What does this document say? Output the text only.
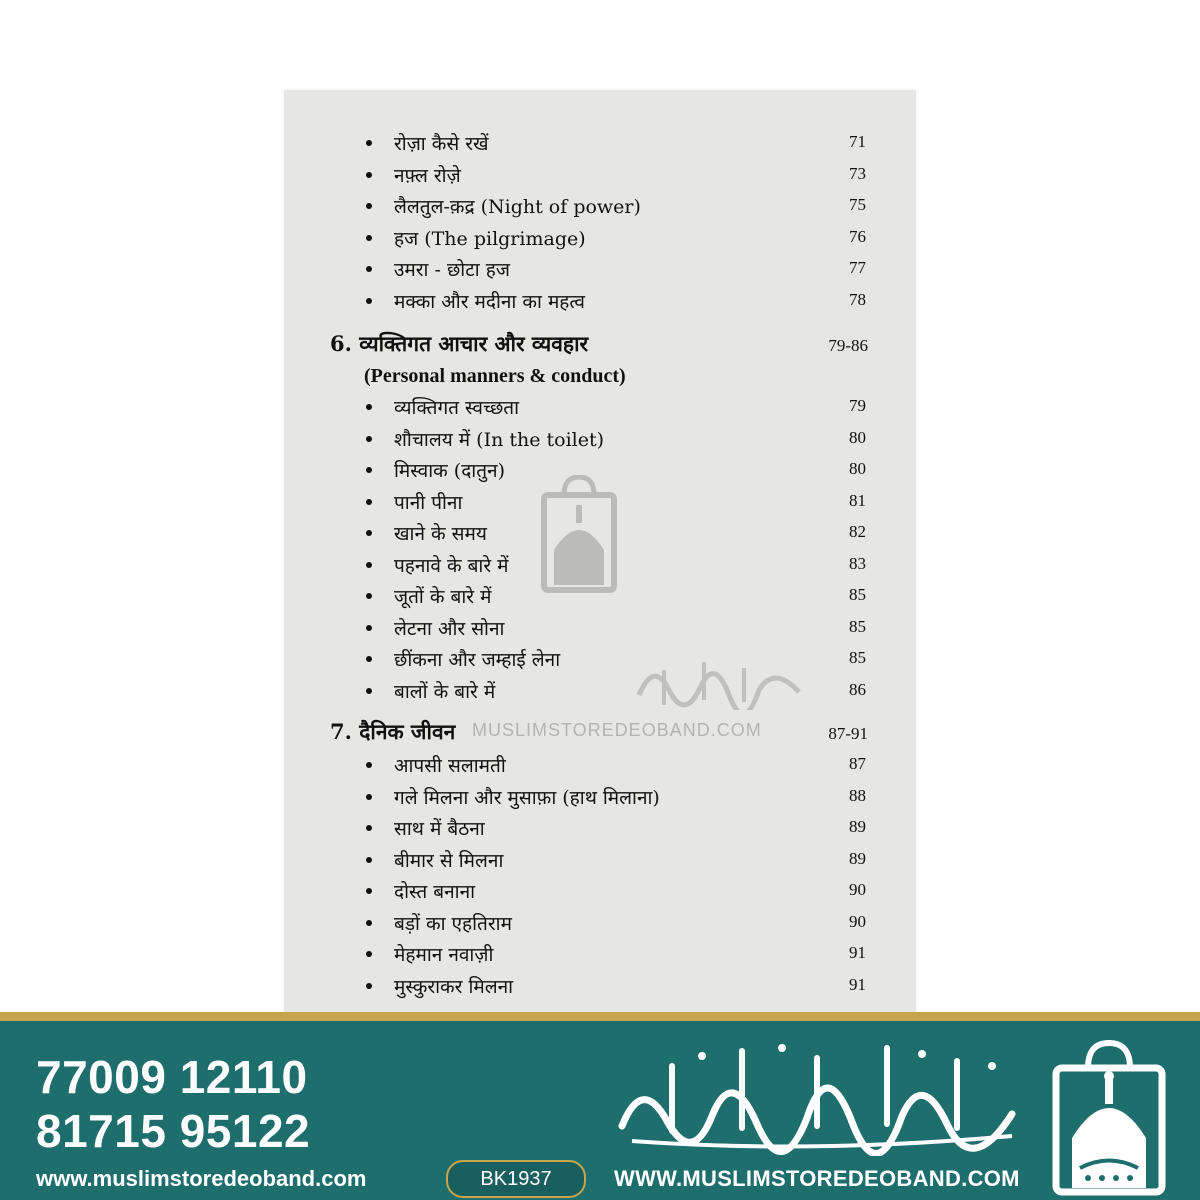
MUSLIMSTOREDEOBAND.COM
रोज़ा कैसे रखें	71
नफ़्ल रोज़े	73
लैलतुल-क़द्र (Night of power)	75
हज (The pilgrimage)	76
उमरा - छोटा हज	77
मक्का और मदीना का महत्व	78
6. व्यक्तिगत आचार और व्यवहार	79-86
(Personal manners & conduct)
व्यक्तिगत स्वच्छता	79
शौचालय में (In the toilet)	80
मिस्वाक (दातुन)	80
पानी पीना	81
खाने के समय	82
पहनावे के बारे में	83
जूतों के बारे में	85
लेटना और सोना	85
छींकना और जम्हाई लेना	85
बालों के बारे में	86
7. दैनिक जीवन	87-91
आपसी सलामती	87
गले मिलना और मुसाफ़ा (हाथ मिलाना)	88
साथ में बैठना	89
बीमार से मिलना	89
दोस्त बनाना	90
बड़ों का एहतिराम	90
मेहमान नवाज़ी	91
मुस्कुराकर मिलना	91
77009 12110
81715 95122
www.muslimstoredeoband.com	BK1937	WWW.MUSLIMSTOREDEOBAND.COM
